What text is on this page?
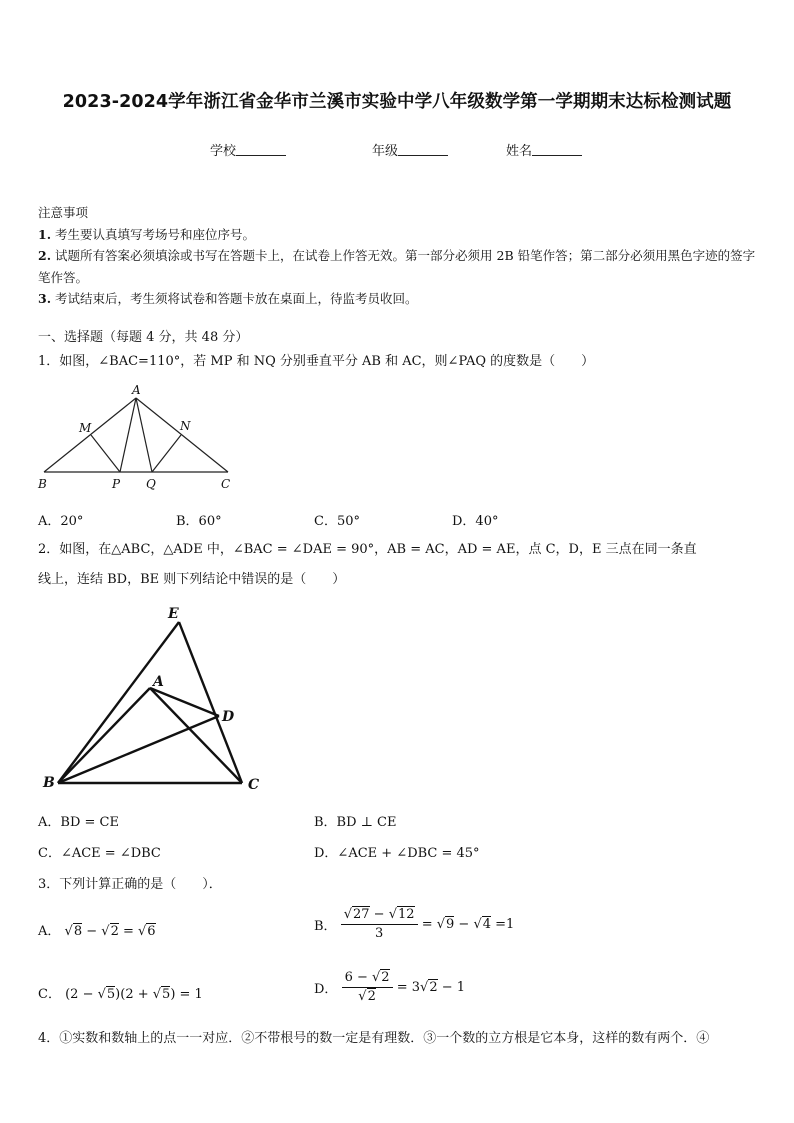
2023-2024学年浙江省金华市兰溪市实验中学八年级数学第一学期期末达标检测试题
学校	年级	姓名
注意事项
1. 考生要认真填写考场号和座位序号。
2. 试题所有答案必须填涂或书写在答题卡上，在试卷上作答无效。第一部分必须用 2B 铅笔作答；第二部分必须用黑色字迹的签字笔作答。
3. 考试结束后，考生须将试卷和答题卡放在桌面上，待监考员收回。
一、选择题（每题 4 分，共 48 分）
1．如图，∠BAC=110°，若 MP 和 NQ 分别垂直平分 AB 和 AC，则∠PAQ 的度数是（　　）
A
M	N
B	P Q	C
A．20°	B．60°	C．50°	D．40°
2．如图，在△ABC，△ADE 中，∠BAC = ∠DAE = 90°，AB = AC，AD = AE，点 C，D，E 三点在同一条直
线上，连结 BD，BE 则下列结论中错误的是（　　）
E
A
D
B	C
A．BD = CE	B．BD ⊥ CE
C．∠ACE = ∠DBC	D．∠ACE + ∠DBC = 45°
3．下列计算正确的是（　　）．
A． √8 − √2 = √6	B． $\frac{√27 - √12}{3} = √9 - √4 =1$
C． (2 − √5)(2 + √5) = 1	D． $\frac{6 - √2}{√2} = 3√2 - 1$
4．①实数和数轴上的点一一对应．②不带根号的数一定是有理数．③一个数的立方根是它本身，这样的数有两个．④
